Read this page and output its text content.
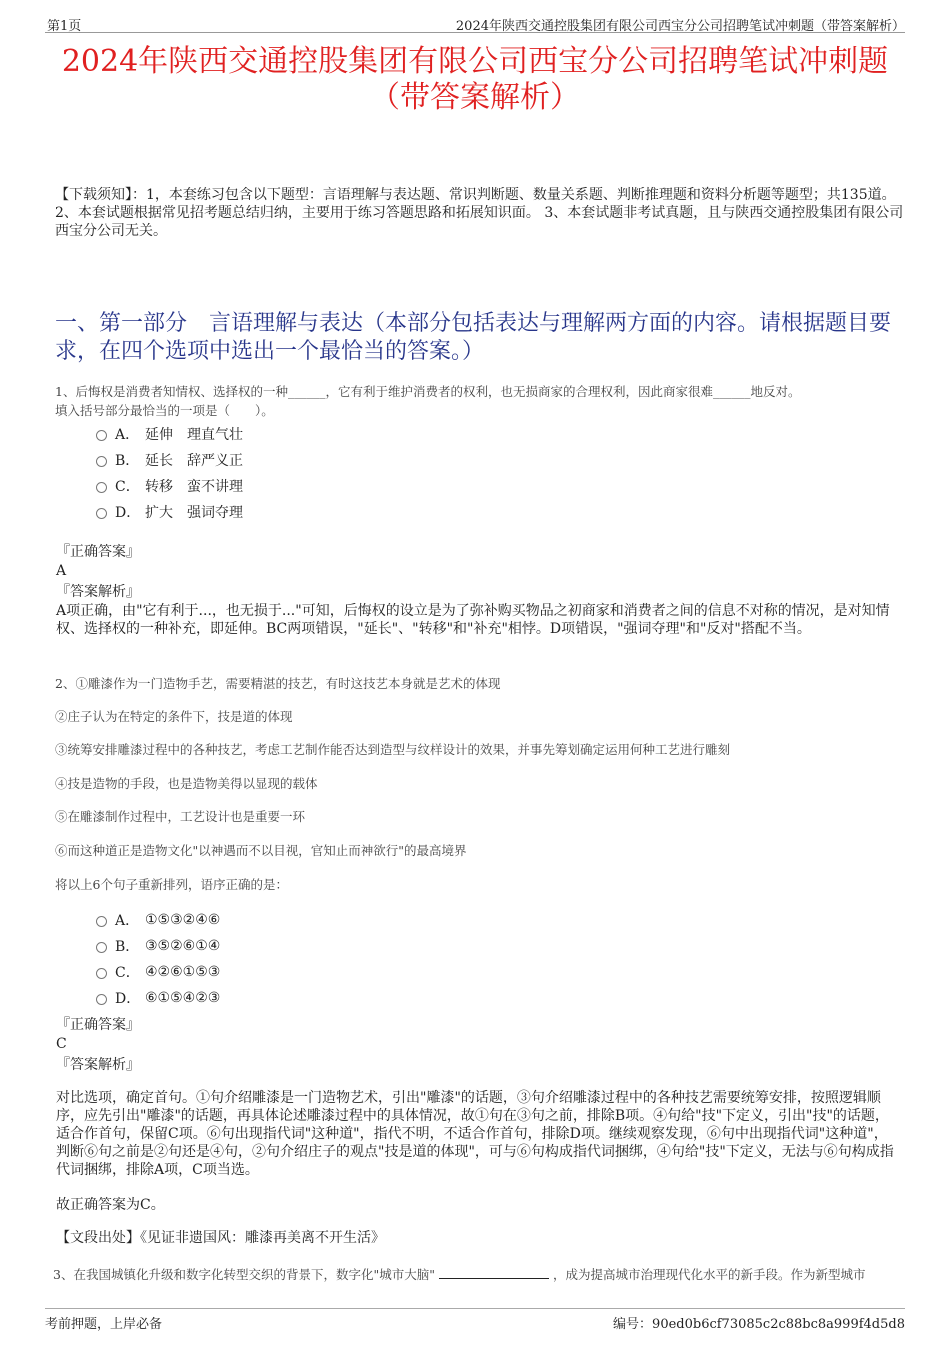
第1页	2024年陕西交通控股集团有限公司西宝分公司招聘笔试冲刺题（带答案解析）
2024年陕西交通控股集团有限公司西宝分公司招聘笔试冲刺题
（带答案解析）
【下载须知】：1，本套练习包含以下题型：言语理解与表达题、常识判断题、数量关系题、判断推理题和资料分析题等题型；共135道。 2、本套试题根据常见招考题总结归纳，主要用于练习答题思路和拓展知识面。 3、本套试题非考试真题，且与陕西交通控股集团有限公司西宝分公司无关。
一、第一部分　言语理解与表达（本部分包括表达与理解两方面的内容。请根据题目要求，在四个选项中选出一个最恰当的答案。）
1、后悔权是消费者知情权、选择权的一种______，它有利于维护消费者的权利，也无损商家的合理权利，因此商家很难______地反对。
填入括号部分最恰当的一项是（　　）。
A． 延伸　理直气壮
B． 延长　辞严义正
C． 转移　蛮不讲理
D． 扩大　强词夺理
『正确答案』
A
『答案解析』
A项正确，由"它有利于...，也无损于..."可知，后悔权的设立是为了弥补购买物品之初商家和消费者之间的信息不对称的情况，是对知情权、选择权的一种补充，即延伸。BC两项错误，"延长"、"转移"和"补充"相悖。D项错误，"强词夺理"和"反对"搭配不当。
2、①雕漆作为一门造物手艺，需要精湛的技艺，有时这技艺本身就是艺术的体现
②庄子认为在特定的条件下，技是道的体现
③统筹安排雕漆过程中的各种技艺，考虑工艺制作能否达到造型与纹样设计的效果，并事先筹划确定运用何种工艺进行雕刻
④技是造物的手段，也是造物美得以显现的载体
⑤在雕漆制作过程中，工艺设计也是重要一环
⑥而这种道正是造物文化"以神遇而不以目视，官知止而神欲行"的最高境界
将以上6个句子重新排列，语序正确的是：
A． ①⑤③②④⑥
B． ③⑤②⑥①④
C． ④②⑥①⑤③
D． ⑥①⑤④②③
『正确答案』
C
『答案解析』
对比选项，确定首句。①句介绍雕漆是一门造物艺术，引出"雕漆"的话题，③句介绍雕漆过程中的各种技艺需要统筹安排，按照逻辑顺序，应先引出"雕漆"的话题，再具体论述雕漆过程中的具体情况，故①句在③句之前，排除B项。④句给"技"下定义，引出"技"的话题，适合作首句，保留C项。⑥句出现指代词"这种道"，指代不明，不适合作首句，排除D项。继续观察发现，⑥句中出现指代词"这种道"，判断⑥句之前是②句还是④句，②句介绍庄子的观点"技是道的体现"，可与⑥句构成指代词捆绑，④句给"技"下定义，无法与⑥句构成指代词捆绑，排除A项，C项当选。
故正确答案为C。
【文段出处】《见证非遗国风：雕漆再美离不开生活》
3、在我国城镇化升级和数字化转型交织的背景下，数字化"城市大脑"	，成为提高城市治理现代化水平的新手段。作为新型城市
考前押题，上岸必备	编号：90ed0b6cf73085c2c88bc8a999f4d5d8
